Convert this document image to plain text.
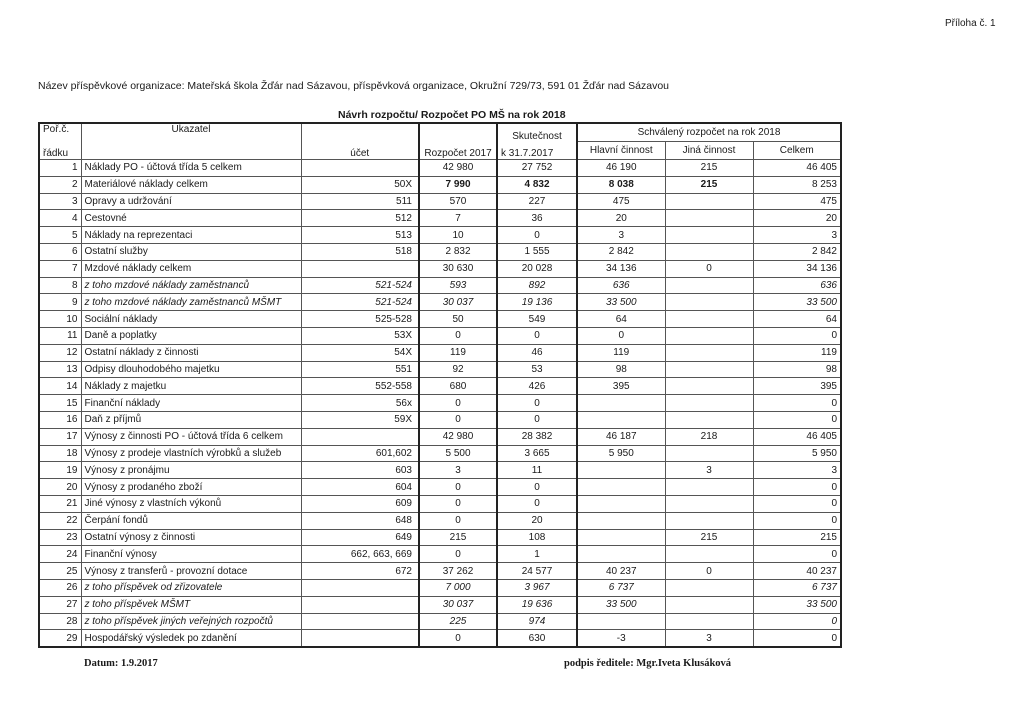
Příloha č. 1
Název příspěvkové organizace: Mateřská škola Žďár nad Sázavou, příspěvková organizace, Okružní 729/73, 591 01 Žďár nad Sázavou
Návrh rozpočtu/ Rozpočet PO MŠ na rok 2018
Poř.č.	Ukazatel			Skutečnost	Schválený rozpočet na rok 2018		
řádku		účet	Rozpočet 2017	k 31.7.2017	Hlavní činnost	Jiná činnost	Celkem
1	Náklady PO - účtová třída 5 celkem		42 980	27 752	46 190	215	46 405
2	Materiálové náklady celkem	50X	7 990	4 832	8 038	215	8 253
3	Opravy a udržování	511	570	227	475		475
4	Cestovné	512	7	36	20		20
5	Náklady na reprezentaci	513	10	0	3		3
6	Ostatní služby	518	2 832	1 555	2 842		2 842
7	Mzdové náklady celkem		30 630	20 028	34 136	0	34 136
8	z toho mzdové náklady zaměstnanců	521-524	593	892	636		636
9	z toho mzdové náklady zaměstnanců MŠMT	521-524	30 037	19 136	33 500		33 500
10	Sociální náklady	525-528	50	549	64		64
11	Daně a poplatky	53X	0	0	0		0
12	Ostatní náklady z činnosti	54X	119	46	119		119
13	Odpisy dlouhodobého majetku	551	92	53	98		98
14	Náklady z majetku	552-558	680	426	395		395
15	Finanční náklady	56x	0	0			0
16	Daň z příjmů	59X	0	0			0
17	Výnosy z činnosti PO - účtová třída 6 celkem		42 980	28 382	46 187	218	46 405
18	Výnosy z prodeje vlastních výrobků a služeb	601,602	5 500	3 665	5 950		5 950
19	Výnosy z pronájmu	603	3	11		3	3
20	Výnosy z prodaného zboží	604	0	0			0
21	Jiné výnosy z vlastních výkonů	609	0	0			0
22	Čerpání fondů	648	0	20			0
23	Ostatní výnosy z činnosti	649	215	108		215	215
24	Finanční výnosy	662, 663, 669	0	1			0
25	Výnosy z transferů - provozní dotace	672	37 262	24 577	40 237	0	40 237
26	z toho příspěvek od zřizovatele		7 000	3 967	6 737		6 737
27	z toho příspěvek MŠMT		30 037	19 636	33 500		33 500
28	z toho příspěvek jiných veřejných rozpočtů		225	974			0
29	Hospodářský výsledek po zdanění		0	630	-3	3	0
Datum: 1.9.2017	podpis ředitele: Mgr.Iveta Klusáková
